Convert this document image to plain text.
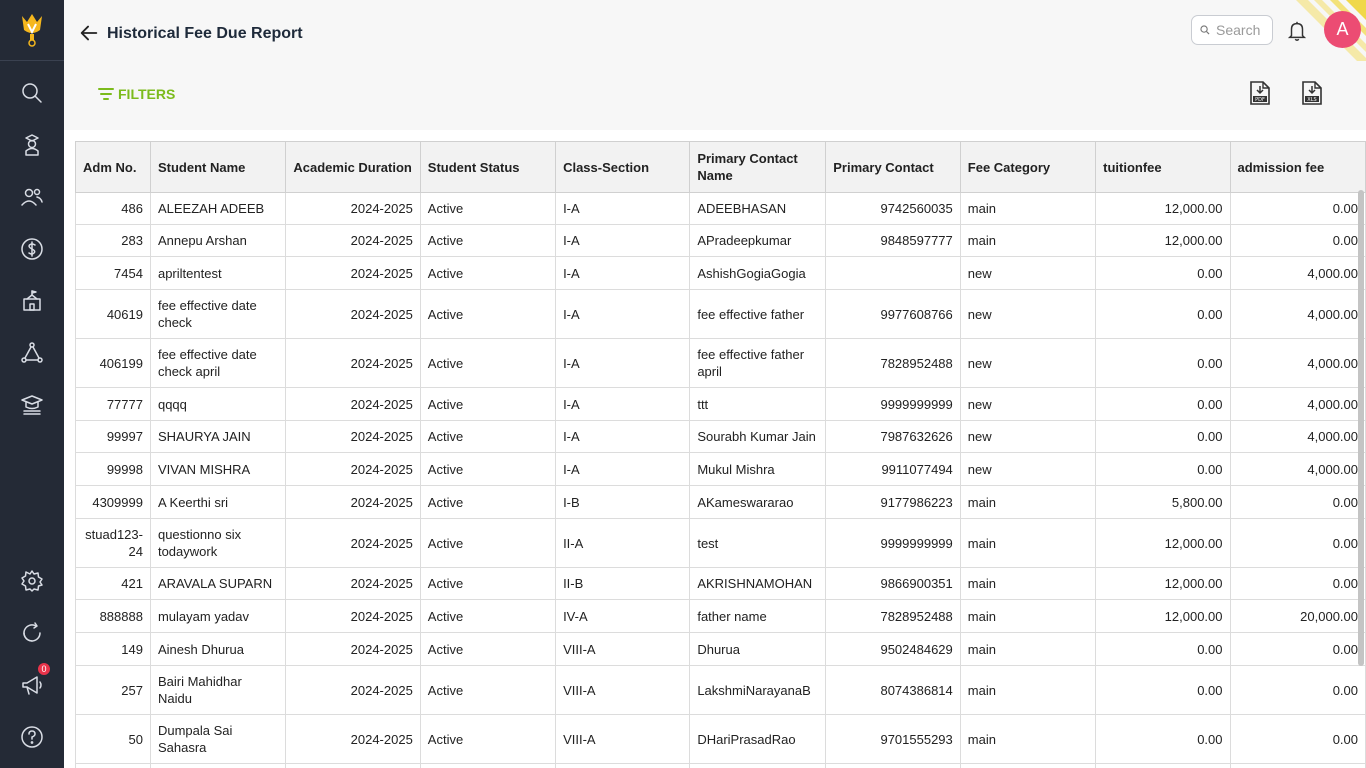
0
Historical Fee Due Report
Search	A
FILTERS	PDF	XLS
Adm No.	Student Name	Academic Duration	Student Status	Class-Section	Primary Contact Name	Primary Contact	Fee Category	tuitionfee	admission fee
486	ALEEZAH ADEEB	2024-2025	Active	I-A	ADEEBHASAN	9742560035	main	12,000.00	0.00
283	Annepu Arshan	2024-2025	Active	I-A	APradeepkumar	9848597777	main	12,000.00	0.00
7454	apriltentest	2024-2025	Active	I-A	AshishGogiaGogia		new	0.00	4,000.00
40619	fee effective date check	2024-2025	Active	I-A	fee effective father	9977608766	new	0.00	4,000.00
406199	fee effective date check april	2024-2025	Active	I-A	fee effective father april	7828952488	new	0.00	4,000.00
77777	qqqq	2024-2025	Active	I-A	ttt	9999999999	new	0.00	4,000.00
99997	SHAURYA JAIN	2024-2025	Active	I-A	Sourabh Kumar Jain	7987632626	new	0.00	4,000.00
99998	VIVAN MISHRA	2024-2025	Active	I-A	Mukul Mishra	9911077494	new	0.00	4,000.00
4309999	A Keerthi sri	2024-2025	Active	I-B	AKameswararao	9177986223	main	5,800.00	0.00
stuad123-24	questionno six todaywork	2024-2025	Active	II-A	test	9999999999	main	12,000.00	0.00
421	ARAVALA SUPARN	2024-2025	Active	II-B	AKRISHNAMOHAN	9866900351	main	12,000.00	0.00
888888	mulayam yadav	2024-2025	Active	IV-A	father name	7828952488	main	12,000.00	20,000.00
149	Ainesh Dhurua	2024-2025	Active	VIII-A	Dhurua	9502484629	main	0.00	0.00
257	Bairi Mahidhar Naidu	2024-2025	Active	VIII-A	LakshmiNarayanaB	8074386814	main	0.00	0.00
50	Dumpala Sai Sahasra	2024-2025	Active	VIII-A	DHariPrasadRao	9701555293	main	0.00	0.00
